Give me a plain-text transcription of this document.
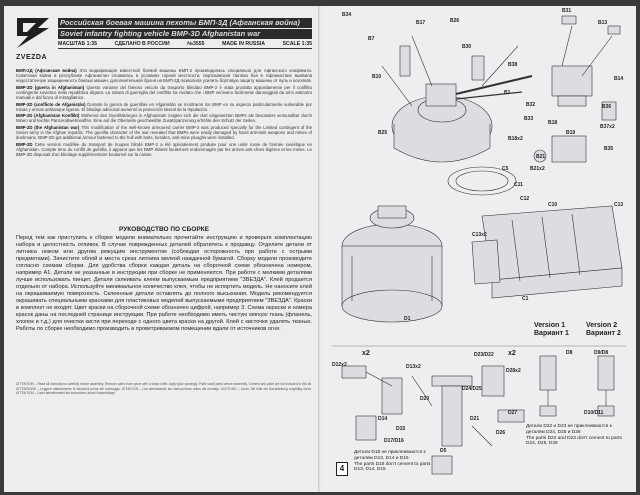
ZVEZDA
Российская боевая машина пехоты БМП-3Д (Афганская война)
Soviet infantry fighting vehicle BMP-3D Afghanistan war
МАСШТАБ 1:35	СДЕЛАНО В РОССИИ	№3555	MADE IN RUSSIA	SCALE 1:35
БМП-2Д (Афганская война) Эта модификация известной боевой машины БМП-2 производилась специально для Афганского конфликта. Советская война в республике Афганистан сложилась в условиях горной местности, партизанская тактика боя в Афганистане выявила недостаточную защищенность боевых машин, дополнительная броня на БМП-2Д позволила усилить бортовую защиту машины от пуль и осколков.
BMP-2D (guerra in Afghanistan) Questo variante del famoso veicolo da trasporto blindato BMP-2 è stata prodotta appositamente per il conflitto contingente sovietico nella repubblica afgana. La natura di guerriglia del conflitto ha rivelato che i BMP venivano facilmente danneggiati da armi anticarro manuali e dal fuoco di mitragliatrice.
BMP-2D (conflicto de Afganistán) Durante la guerra de guerrillas en Afganistán se mostraron los BMP en su aspecto particularmente vulnerable por minas y armas antitanque ligeras. El blindaje adicional aumentó la protección lateral de la tripulación.
BMP-2D (Afghanistan Konflikt) Während des Guerillakrieges in Afghanistan zeigten sich die dort eingesetzten BMPs als besonders verwundbar durch Minen und leichte Panzerabwehrwaffen. Eine auf die Oberseite geschweißte Zusatzpanzerung erhöhte den Schutz der Seiten.
BMP-2D (the Afghanistan war) This modification of the well-known armoured carrier BMP-2 was produced specially for the Limited contingent of the Soviet army in the Afghan republic. The guerilla character of the war revealed that BMPs were easily damaged by hand anti-tank weapons and mines of dushmans. BMP-2D got additional armour fastened to the hull with bolts, besides, anti-mine ploughs were installed.
BMP-2D Cette version modifiée du transport de troupes blindé BMP-2 a été spécialement produite pour une unité russe de l'armée soviétique en Afghanistan. Compte tenu du conflit de guérilla, il apparut que les BMP étaient facilement endommagés par les armes anti-chars légères et les mines. Le BMP-2D disposait d'un blindage supplémentaire boulonné sur la caisse.
РУКОВОДСТВО ПО СБОРКЕ
Перед тем как приступить к сборке модели внимательно прочитайте инструкцию и проверьте комплектацию набора и целостность отливок. В случае поврежденных деталей обратитесь к продавцу. Отделите детали от литника ножом или другим режущим инструментом (соблюдая осторожность при работе с острыми предметами). Зачистите облой и места среза литника мелкой наждачной бумагой. Сборку модели производите согласно схемам сборки. Для удобства сборки каждая деталь на сборочной схеме обозначена номером, например A1. Детали не указанные в инструкции при сборке не применяются. При работе с мелкими деталями лучше использовать пинцет. Детали склеивать клеем выпускаемым предприятием "ЗВЕЗДА". Клей продается отдельно от набора. Используйте минимальное количество клея, чтобы не испортить модель. Не наносите клей на окрашиваемую поверхность. Склеенные детали оставлять до полного высыхания. Модель рекомендуется окрашивать специальными красками для пластиковых моделей выпускаемыми предприятием "ЗВЕЗДА". Краски в комплект не входят. Цвет краски на сборочной схеме обозначен цифрой, например 3. Схема окраски и номера красок даны на последней странице инструкции. При работе необходимо иметь чистую мягкую ткань (фланель, хлопок и т.д.) для очистки кисти при переходе с одного цвета краски на другой. Клей с кисточки удалять тканью. Работы по сборке необходимо производить в проветриваемом помещении вдали от источников огня.
ATTENTION – Read all instructions carefully before assembly. Remove parts from sprue with a sharp knife. Apply glue sparingly. Paint small parts before assembly. Cement and paint are not included in this kit. ATTENZIONE – Leggere attentamente le istruzioni prima del montaggio. ATENCIÓN – Lea atentamente las instrucciones antes del montaje. ACHTUNG – Lesen Sie bitte die Bauanleitung sorgfältig durch. ATTENTION – Lisez attentivement les instructions avant l'assemblage.
B34
B7
B17	B26
B10
B30
B31
B13
B14
B38
B1
B32
B33
B18
B19
B37x2
B36
B25
B35
B18x2
B21
B21x2
C5
C11
C12
C10	C13
C13x2
C1
D1
Version 1
Вариант 1
Version 2
Вариант 2
x2	x2
D12x2	D13x2
D14
D15
D20
D17/D16
D24/D25
D23/D22
D28x2
D26
D27
D21
D8	D9/D8
D10/D11
D5
Детали D18 не приклеиваются к деталям D13, D14 и D15
The parts D18 don't cement to parts D13, D14, D15
Детали D22 и D23 не приклеиваются к деталям D24, D25 и D28
The parts D22 and D23 don't cement to parts D24, D25, D28
4
